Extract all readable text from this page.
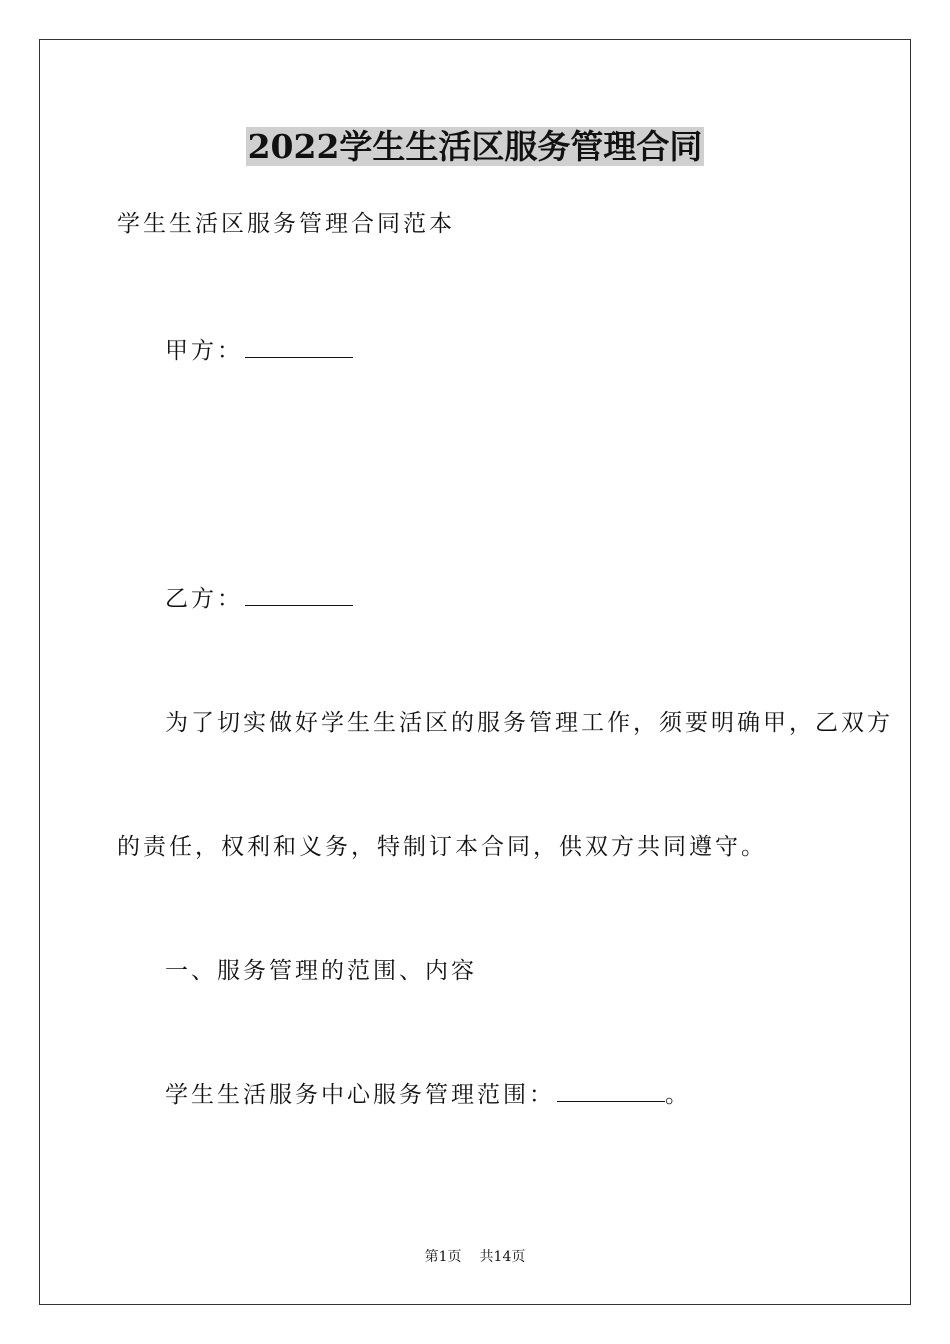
2022学生生活区服务管理合同
学生生活区服务管理合同范本
甲方：
乙方：
为了切实做好学生生活区的服务管理工作，须要明确甲，乙双方
的责任，权利和义务，特制订本合同，供双方共同遵守。
一、服务管理的范围、内容
学生生活服务中心服务管理范围：	。
第1页 共14页
